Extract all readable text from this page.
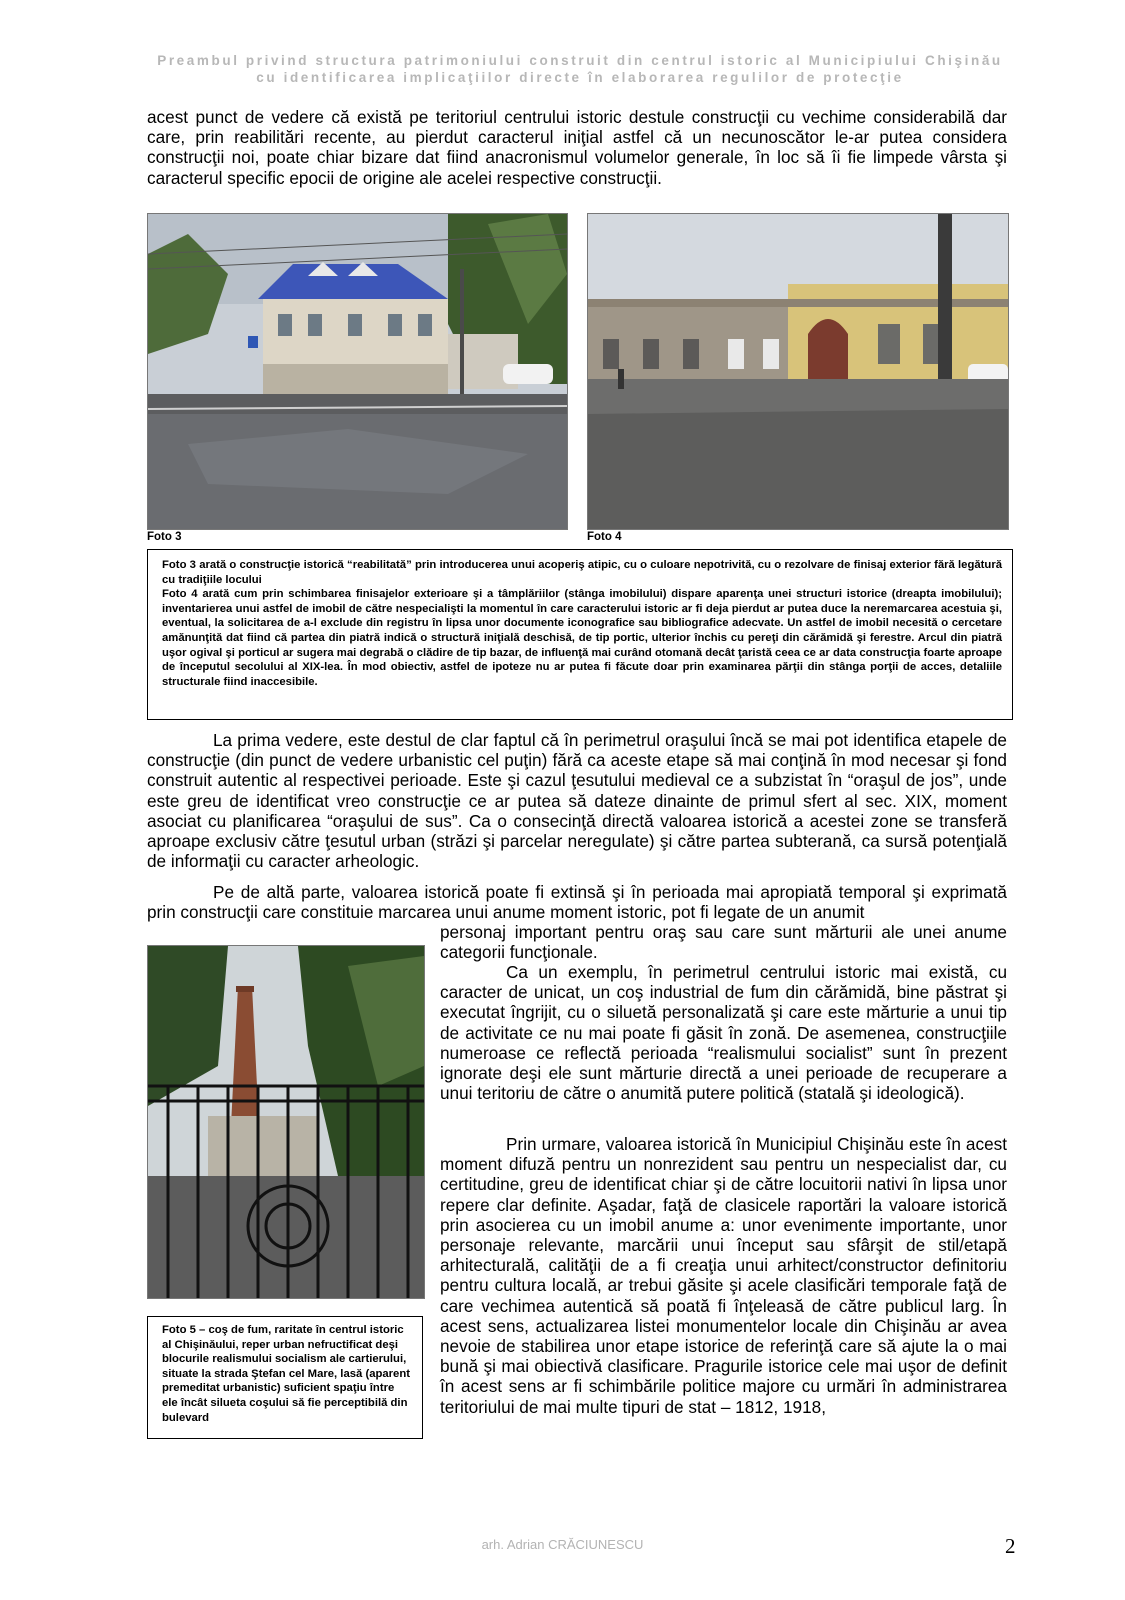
Preambul privind structura patrimoniului construit din centrul istoric al Municipiului Chişinău
cu identificarea implicaţiilor directe în elaborarea regulilor de protecţie

acest punct de vedere că există pe teritoriul centrului istoric destule construcţii cu vechime considerabilă dar care, prin reabilitări recente, au pierdut caracterul iniţial astfel că un necunoscător le-ar putea considera construcţii noi, poate chiar bizare dat fiind anacronismul volumelor generale, în loc să îi fie limpede vârsta şi caracterul specific epocii de origine ale acelei respective construcţii.

Foto 3	Foto 4

Foto 3 arată o construcţie istorică “reabilitată” prin introducerea unui acoperiş atipic, cu o culoare nepotrivită, cu o rezolvare de finisaj exterior fără legătură cu tradiţiile locului

Foto 4 arată cum prin schimbarea finisajelor exterioare şi a tâmplăriilor (stânga imobilului) dispare aparenţa unei structuri istorice (dreapta imobilului); inventarierea unui astfel de imobil de către nespecialişti la momentul în care caracterului istoric ar fi deja pierdut ar putea duce la neremarcarea acestuia şi, eventual, la solicitarea de a-l exclude din registru în lipsa unor documente iconografice sau bibliografice adecvate. Un astfel de imobil necesită o cercetare amănunţită dat fiind că partea din piatră indică o structură iniţială deschisă, de tip portic, ulterior închis cu pereţi din cărămidă şi ferestre. Arcul din piatră uşor ogival şi porticul ar sugera mai degrabă o clădire de tip bazar, de influenţă mai curând otomană decât ţaristă ceea ce ar data construcţia foarte aproape de începutul secolului al XIX-lea. În mod obiectiv, astfel de ipoteze nu ar putea fi făcute doar prin examinarea părţii din stânga porţii de acces, detaliile structurale fiind inaccesibile.

La prima vedere, este destul de clar faptul că în perimetrul oraşului încă se mai pot identifica etapele de construcţie (din punct de vedere urbanistic cel puţin) fără ca aceste etape să mai conţină în mod necesar şi fond construit autentic al respectivei perioade. Este şi cazul ţesutului medieval ce a subzistat în “oraşul de jos”, unde este greu de identificat vreo construcţie ce ar putea să dateze dinainte de primul sfert al sec. XIX, moment asociat cu planificarea “oraşului de sus”. Ca o consecinţă directă valoarea istorică a acestei zone se transferă aproape exclusiv către ţesutul urban (străzi şi parcelar neregulate) şi către partea subterană, ca sursă potenţială de informaţii cu caracter arheologic.

Pe de altă parte, valoarea istorică poate fi extinsă şi în perioada mai apropiată temporal şi exprimată prin construcţii care constituie marcarea unui anume moment istoric, pot fi legate de un anumit

Foto 5 – coş de fum, raritate în centrul istoric al Chişinăului, reper urban nefructificat deşi blocurile realismului socialism ale cartierului, situate la strada Ştefan cel Mare, lasă (aparent premeditat urbanistic) suficient spaţiu între ele încât silueta coşului să fie perceptibilă din bulevard

personaj important pentru oraş sau care sunt mărturii ale unei anume categorii funcţionale.

Ca un exemplu, în perimetrul centrului istoric mai există, cu caracter de unicat, un coş industrial de fum din cărămidă, bine păstrat şi executat îngrijit, cu o siluetă personalizată şi care este mărturie a unui tip de activitate ce nu mai poate fi găsit în zonă. De asemenea, construcţiile numeroase ce reflectă perioada “realismului socialist” sunt în prezent ignorate deşi ele sunt mărturie directă a unei perioade de recuperare a unui teritoriu de către o anumită putere politică (statală şi ideologică).

Prin urmare, valoarea istorică în Municipiul Chişinău este în acest moment difuză pentru un nonrezident sau pentru un nespecialist dar, cu certitudine, greu de identificat chiar şi de către locuitorii nativi în lipsa unor repere clar definite. Aşadar, faţă de clasicele raportări la valoare istorică prin asocierea cu un imobil anume a: unor evenimente importante, unor personaje relevante, marcării unui început sau sfârşit de stil/etapă arhitecturală, calităţii de a fi creaţia unui arhitect/constructor definitoriu pentru cultura locală, ar trebui găsite şi acele clasificări temporale faţă de care vechimea autentică să poată fi înţeleasă de către publicul larg. În acest sens, actualizarea listei monumentelor locale din Chişinău ar avea nevoie de stabilirea unor etape istorice de referinţă care să ajute la o mai bună şi mai obiectivă clasificare. Pragurile istorice cele mai uşor de definit în acest sens ar fi schimbările politice majore cu urmări în administrarea teritoriului de mai multe tipuri de stat – 1812, 1918,

arh. Adrian CRĂCIUNESCU	2
